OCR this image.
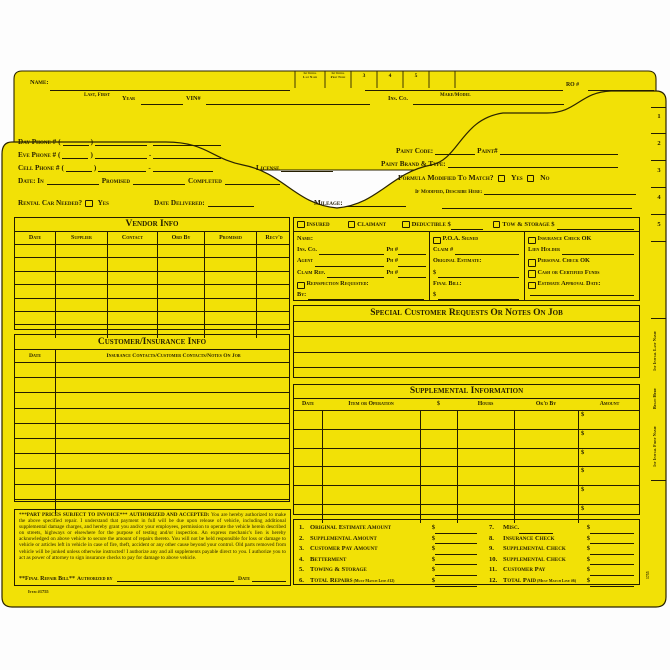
1st Initial
Last Name
1st Initial
First Name	3	4	5
Name:	RO #
Last, First	Make/Model
Year	VIN#	Ins. Co.
Day Phone # (	)	-
Eve Phone # (	)	-
Cell Phone # (	)	-	License
Date: In	Promised	Completed
Rental Car Needed? Yes	Date Delivered:	Mileage:
Paint Code:	Paint#
Paint Brand & Type:
Formula Modified To Match? Yes No
If Modified, Describe Here:
Vendor Info
Date	Supplier	Contact	Ord By	Promised	Recv'd
Customer/Insurance Info
Date	Insurance Contacts/Customer Contacts/Notes On Job
***PART PRICES SUBJECT TO INVOICE*** AUTHORIZED AND ACCEPTED: You are hereby authorized to make the above specified repair. I understand that payment in full will be due upon release of vehicle, including additional supplemental damage charges, and hereby grant you and/or your employees, permission to operate the vehicle herein described on streets, highways or elsewhere for the purpose of testing and/or inspection. An express mechanic's lien is hereby acknowledged on above vehicle to secure the amount of repairs thereto. You will not be held responsible for loss or damage to vehicle or articles left in vehicle in case of fire, theft, accident or any other cause beyond your control. Old parts removed from vehicle will be junked unless otherwise instructed! I authorize any and all supplements payable direct to you. I authorize you to act as power of attorney to sign insurance checks to pay for damage to above vehicle.
**Final Repair Bill** Authorized by	Date
Item #1755
Insured	Claimant	Deductible $	Tow & Storage $
Name:
Ins. Co.	Ph #
Agent	Ph #
Claim Rep.	Ph #
Reinspection Requested:
By:
P.O.A. Signed
Claim #
Original Estimate:
$
Final Bill:
$
Insurance Check OK
Lien Holder
Personal Check OK
Cash or Certified Funds
Estimate Approval Date:
Special Customer Requests Or Notes On Job
Supplemental Information
Date	Item or Operation	$	Hours	Ok'd By	Amount
$
$
$
$
$
$
1. Original Estimate Amount	$	7.	Misc.	$
2. Supplemental Amount	$	8.	Insurance Check	$
3. Customer Pay Amount	$	9.	Supplemental Check	$
4. Betterment	$	10. Supplemental Check	$
5. Towing & Storage	$	11. Customer Pay	$
6. Total Repairs (Must Match Line #12)	$	12. Total Paid (Must Match Line #6) $
1
2
3
4
5
1st Initial Last Name
Begin Here
1st Initial First Name
1755
